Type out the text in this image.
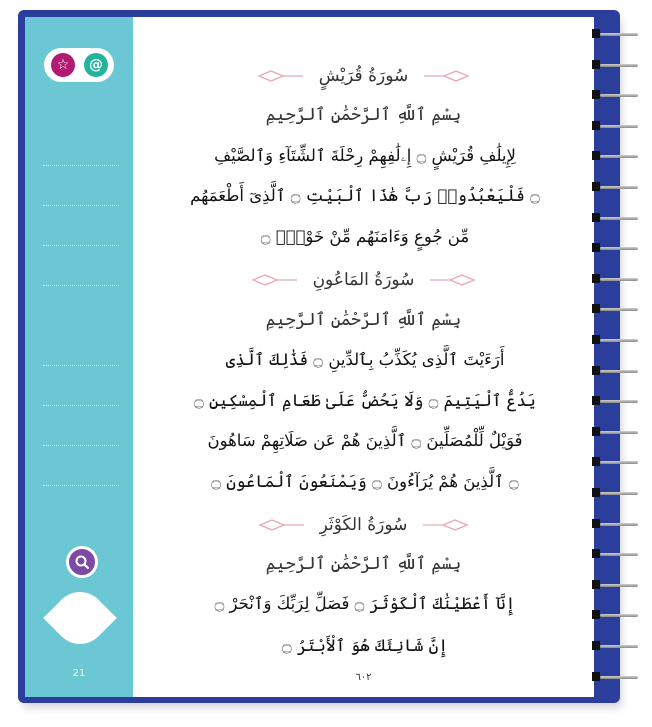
☆ @
21
سُورَةُ قُرَيْشٍ
بِسْمِ ٱللَّهِ ٱلرَّحْمَٰنِ ٱلرَّحِيمِ
لِإِيلَٰفِ قُرَيْشٍ ۝ إِۦلَٰفِهِمْ رِحْلَةَ ٱلشِّتَآءِ وَٱلصَّيْفِ
۝ فَلْيَعْبُدُوا۟ رَبَّ هَٰذَا ٱلْبَيْتِ ۝ ٱلَّذِىٓ أَطْعَمَهُم
مِّن جُوعٍ وَءَامَنَهُم مِّنْ خَوْفٍۭ ۝
سُورَةُ المَاعُونِ
بِسْمِ ٱللَّهِ ٱلرَّحْمَٰنِ ٱلرَّحِيمِ
أَرَءَيْتَ ٱلَّذِى يُكَذِّبُ بِٱلدِّينِ ۝ فَذَٰلِكَ ٱلَّذِى
يَدُعُّ ٱلْيَتِيمَ ۝ وَلَا يَحُضُّ عَلَىٰ طَعَامِ ٱلْمِسْكِينِ ۝
فَوَيْلٌ لِّلْمُصَلِّينَ ۝ ٱلَّذِينَ هُمْ عَن صَلَاتِهِمْ سَاهُونَ
۝ ٱلَّذِينَ هُمْ يُرَآءُونَ ۝ وَيَمْنَعُونَ ٱلْمَاعُونَ ۝
سُورَةُ الكَوْثَرِ
بِسْمِ ٱللَّهِ ٱلرَّحْمَٰنِ ٱلرَّحِيمِ
إِنَّآ أَعْطَيْنَٰكَ ٱلْكَوْثَرَ ۝ فَصَلِّ لِرَبِّكَ وَٱنْحَرْ ۝
إِنَّ شَانِئَكَ هُوَ ٱلْأَبْتَرُ ۝
٦٠٢
